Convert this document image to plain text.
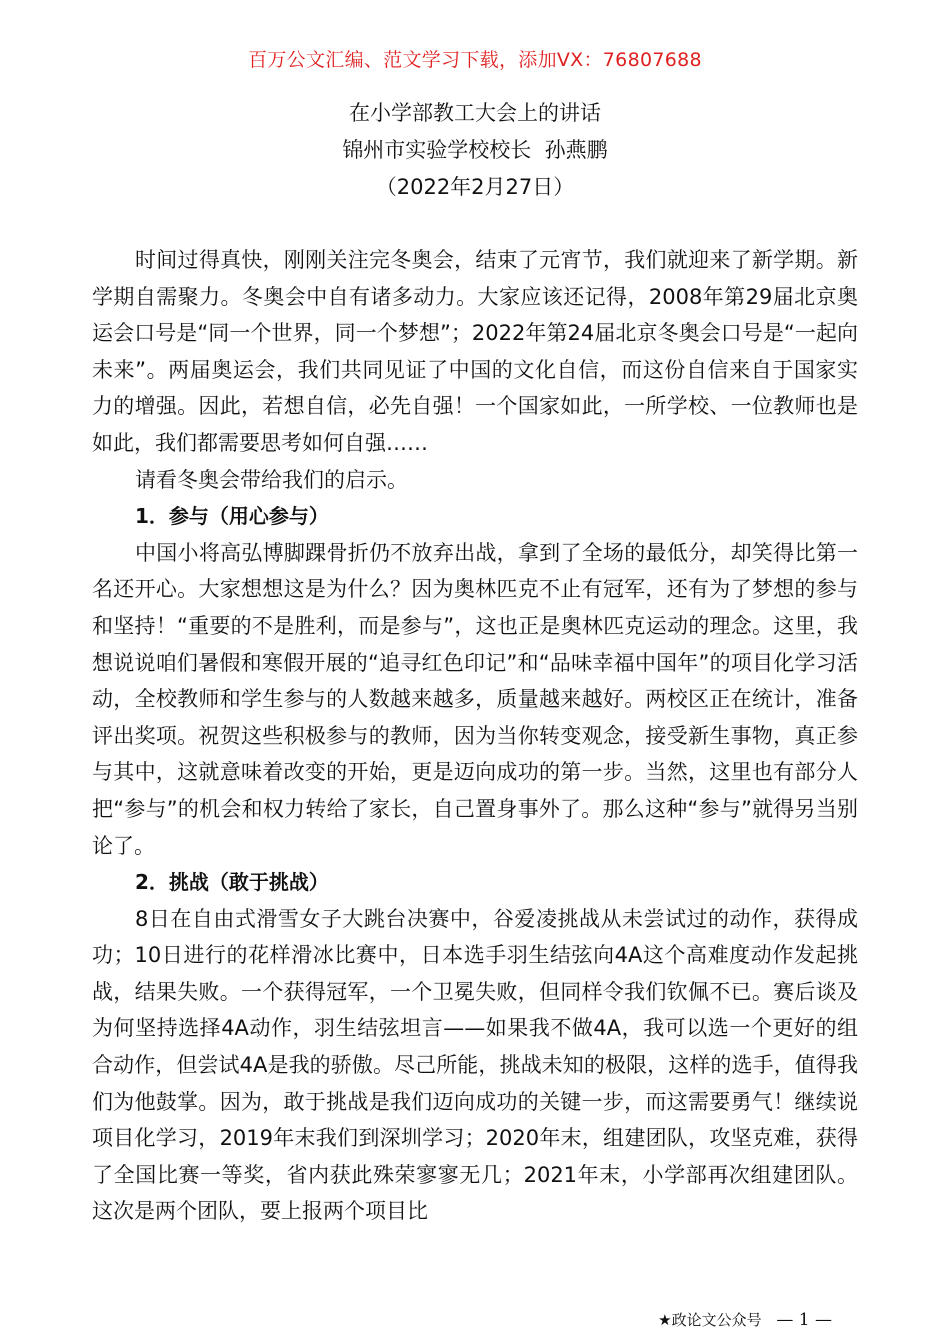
百万公文汇编、范文学习下载，添加VX：76807688
在小学部教工大会上的讲话
锦州市实验学校校长  孙燕鹏
（2022年2月27日）

时间过得真快，刚刚关注完冬奥会，结束了元宵节，我们就迎来了新学期。新学期自需聚力。冬奥会中自有诸多动力。大家应该还记得，2008年第29届北京奥运会口号是“同一个世界，同一个梦想”；2022年第24届北京冬奥会口号是“一起向未来”。两届奥运会，我们共同见证了中国的文化自信，而这份自信来自于国家实力的增强。因此，若想自信，必先自强！一个国家如此，一所学校、一位教师也是如此，我们都需要思考如何自强……

请看冬奥会带给我们的启示。

1．参与（用心参与）

中国小将高弘博脚踝骨折仍不放弃出战，拿到了全场的最低分，却笑得比第一名还开心。大家想想这是为什么？因为奥林匹克不止有冠军，还有为了梦想的参与和坚持！“重要的不是胜利，而是参与”，这也正是奥林匹克运动的理念。这里，我想说说咱们暑假和寒假开展的“追寻红色印记”和“品味幸福中国年”的项目化学习活动，全校教师和学生参与的人数越来越多，质量越来越好。两校区正在统计，准备评出奖项。祝贺这些积极参与的教师，因为当你转变观念，接受新生事物，真正参与其中，这就意味着改变的开始，更是迈向成功的第一步。当然，这里也有部分人把“参与”的机会和权力转给了家长，自己置身事外了。那么这种“参与”就得另当别论了。

2．挑战（敢于挑战）

8日在自由式滑雪女子大跳台决赛中，谷爱凌挑战从未尝试过的动作，获得成功；10日进行的花样滑冰比赛中，日本选手羽生结弦向4A这个高难度动作发起挑战，结果失败。一个获得冠军，一个卫冕失败，但同样令我们钦佩不已。赛后谈及为何坚持选择4A动作，羽生结弦坦言——如果我不做4A，我可以选一个更好的组合动作，但尝试4A是我的骄傲。尽己所能，挑战未知的极限，这样的选手，值得我们为他鼓掌。因为，敢于挑战是我们迈向成功的关键一步，而这需要勇气！继续说项目化学习，2019年末我们到深圳学习；2020年末，组建团队，攻坚克难，获得了全国比赛一等奖，省内获此殊荣寥寥无几；2021年末，小学部再次组建团队。这次是两个团队，要上报两个项目比

★政论文公众号 — 1 —
